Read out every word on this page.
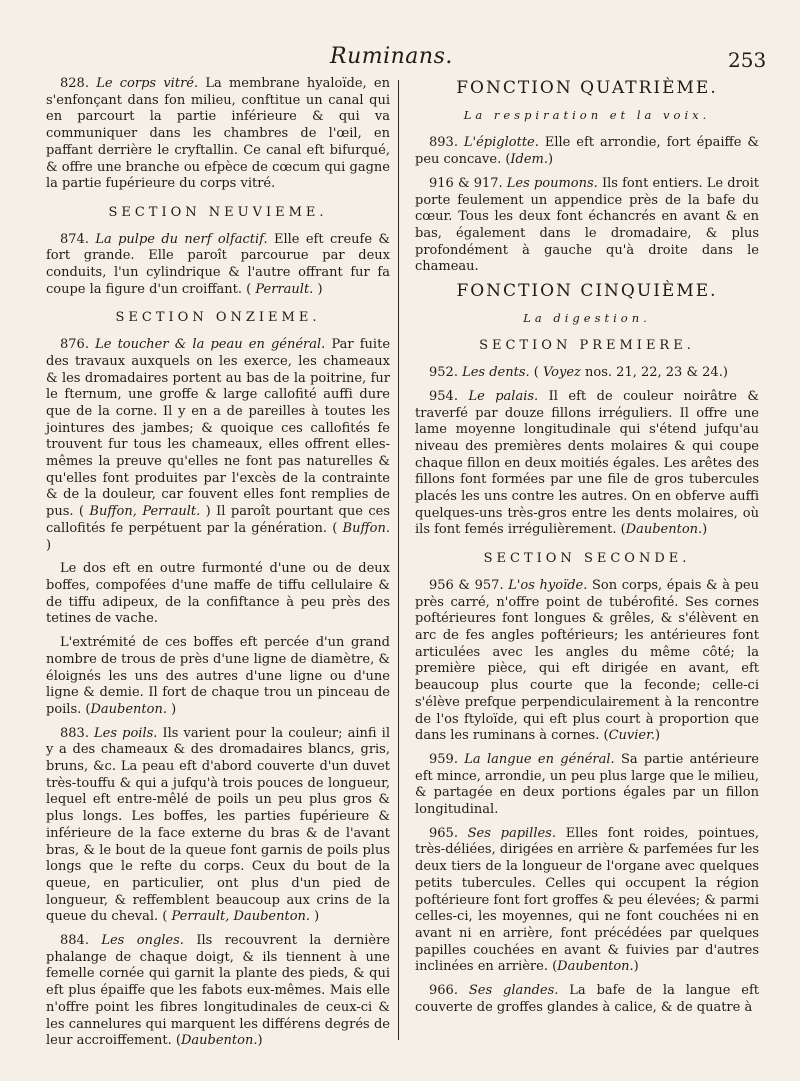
Ruminans.	253

828. Le corps vitré. La membrane hyaloïde, en s'enfonçant dans fon milieu, conftitue un canal qui en parcourt la partie inférieure & qui va communiquer dans les chambres de l'œil, en paffant derrière le cryftallin. Ce canal eft bifurqué, & offre une branche ou efpèce de cœcum qui gagne la partie fupérieure du corps vitré.

SECTION NEUVIEME.

874. La pulpe du nerf olfactif. Elle eft creufe & fort grande. Elle paroît parcourue par deux conduits, l'un cylindrique & l'autre offrant fur fa coupe la figure d'un croiffant. ( Perrault. )

SECTION ONZIEME.

876. Le toucher & la peau en général. Par fuite des travaux auxquels on les exerce, les chameaux & les dromadaires portent au bas de la poitrine, fur le fternum, une groffe & large callofité auffi dure que de la corne. Il y en a de pareilles à toutes les jointures des jambes; & quoique ces callofités fe trouvent fur tous les chameaux, elles offrent elles-mêmes la preuve qu'elles ne font pas naturelles & qu'elles font produites par l'excès de la contrainte & de la douleur, car fouvent elles font remplies de pus. ( Buffon, Perrault. ) Il paroît pourtant que ces callofités fe perpétuent par la génération. ( Buffon. )

Le dos eft en outre furmonté d'une ou de deux boffes, compofées d'une maffe de tiffu cellulaire & de tiffu adipeux, de la confiftance à peu près des tetines de vache.

L'extrémité de ces boffes eft percée d'un grand nombre de trous de près d'une ligne de diamètre, & éloignés les uns des autres d'une ligne ou d'une ligne & demie. Il fort de chaque trou un pinceau de poils. (Daubenton. )

883. Les poils. Ils varient pour la couleur; ainfi il y a des chameaux & des dromadaires blancs, gris, bruns, &c. La peau eft d'abord couverte d'un duvet très-touffu & qui a jufqu'à trois pouces de longueur, lequel eft entre-mêlé de poils un peu plus gros & plus longs. Les boffes, les parties fupérieure & inférieure de la face externe du bras & de l'avant bras, & le bout de la queue font garnis de poils plus longs que le refte du corps. Ceux du bout de la queue, en particulier, ont plus d'un pied de longueur, & reffemblent beaucoup aux crins de la queue du cheval. ( Perrault, Daubenton. )

884. Les ongles. Ils recouvrent la dernière phalange de chaque doigt, & ils tiennent à une femelle cornée qui garnit la plante des pieds, & qui eft plus épaiffe que les fabots eux-mêmes. Mais elle n'offre point les fibres longitudinales de ceux-ci & les cannelures qui marquent les différens degrés de leur accroiffement. (Daubenton.)

FONCTION QUATRIÈME.
La respiration et la voix.

893. L'épiglotte. Elle eft arrondie, fort épaiffe & peu concave. (Idem.)

916 & 917. Les poumons. Ils font entiers. Le droit porte feulement un appendice près de la bafe du cœur. Tous les deux font échancrés en avant & en bas, également dans le dromadaire, & plus profondément à gauche qu'à droite dans le chameau.

FONCTION CINQUIÈME.
La digestion.
SECTION PREMIERE.

952. Les dents. ( Voyez nos. 21, 22, 23 & 24.)

954. Le palais. Il eft de couleur noirâtre & traverfé par douze fillons irréguliers. Il offre une lame moyenne longitudinale qui s'étend jufqu'au niveau des premières dents molaires & qui coupe chaque fillon en deux moitiés égales. Les arêtes des fillons font formées par une file de gros tubercules placés les uns contre les autres. On en obferve auffi quelques-uns très-gros entre les dents molaires, où ils font femés irrégulièrement. (Daubenton.)

SECTION SECONDE.

956 & 957. L'os hyoïde. Son corps, épais & à peu près carré, n'offre point de tubérofité. Ses cornes poftérieures font longues & grêles, & s'élèvent en arc de fes angles poftérieurs; les antérieures font articulées avec les angles du même côté; la première pièce, qui eft dirigée en avant, eft beaucoup plus courte que la feconde; celle-ci s'élève prefque perpendiculairement à la rencontre de l'os ftyloïde, qui eft plus court à proportion que dans les ruminans à cornes. (Cuvier.)

959. La langue en général. Sa partie antérieure eft mince, arrondie, un peu plus large que le milieu, & partagée en deux portions égales par un fillon longitudinal.

965. Ses papilles. Elles font roides, pointues, très-déliées, dirigées en arrière & parfemées fur les deux tiers de la longueur de l'organe avec quelques petits tubercules. Celles qui occupent la région poftérieure font fort groffes & peu élevées; & parmi celles-ci, les moyennes, qui ne font couchées ni en avant ni en arrière, font précédées par quelques papilles couchées en avant & fuivies par d'autres inclinées en arrière. (Daubenton.)

966. Ses glandes. La bafe de la langue eft couverte de groffes glandes à calice, & de quatre à
